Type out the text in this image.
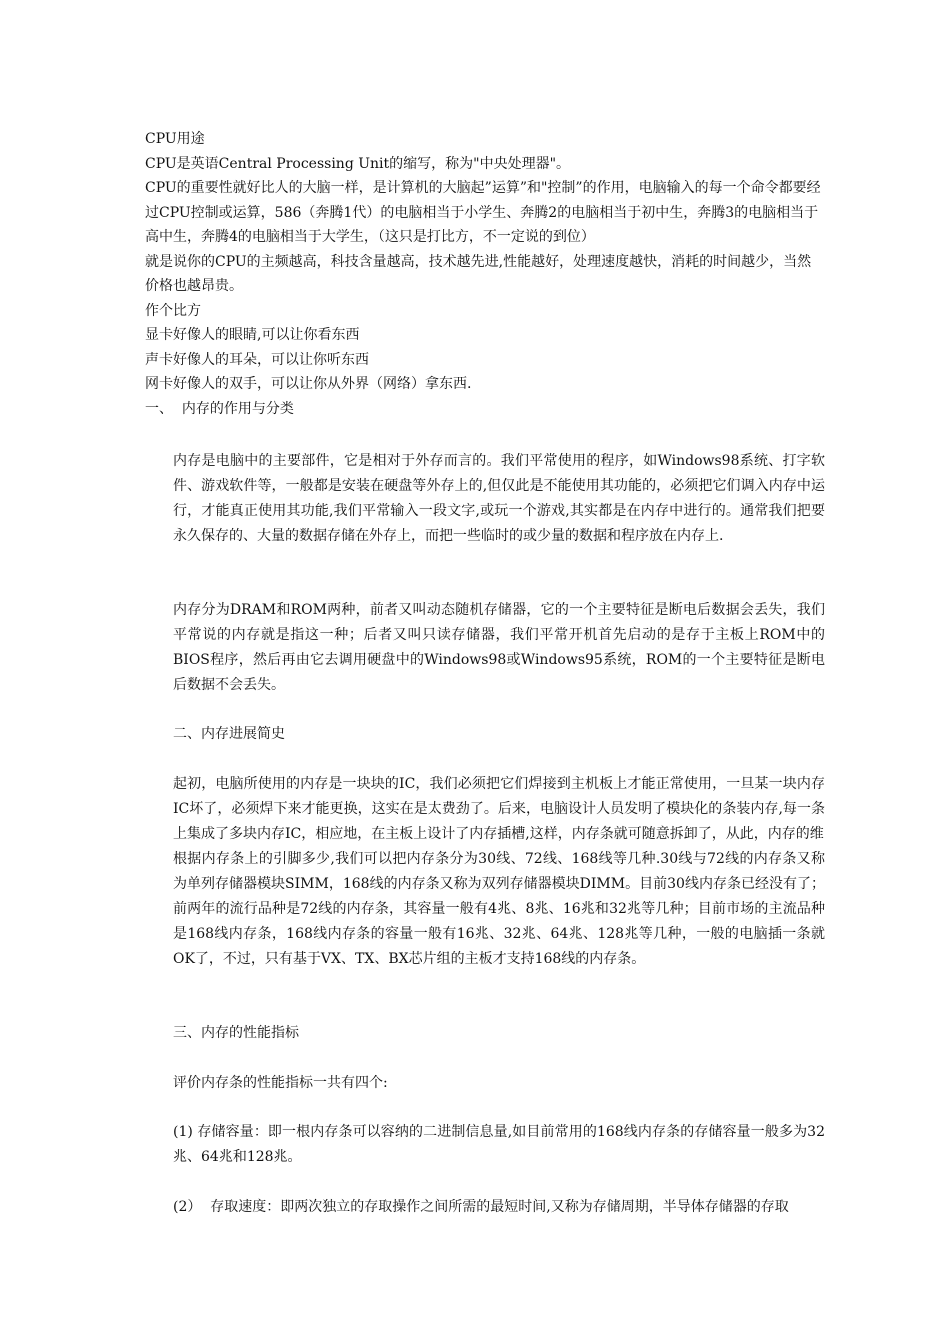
CPU用途

CPU是英语Central Processing Unit的缩写，称为"中央处理器"。

CPU的重要性就好比人的大脑一样，是计算机的大脑起”运算”和"控制”的作用，电脑输入的每一个命令都要经过CPU控制或运算，586（奔腾1代）的电脑相当于小学生、奔腾2的电脑相当于初中生，奔腾3的电脑相当于高中生，奔腾4的电脑相当于大学生，（这只是打比方，不一定说的到位）

就是说你的CPU的主频越高，科技含量越高，技术越先进,性能越好，处理速度越快，消耗的时间越少，当然价格也越昂贵。

作个比方

显卡好像人的眼睛,可以让你看东西

声卡好像人的耳朵，可以让你听东西

网卡好像人的双手，可以让你从外界（网络）拿东西.

一、  内存的作用与分类

内存是电脑中的主要部件，它是相对于外存而言的。我们平常使用的程序，如Windows98系统、打字软件、游戏软件等，一般都是安装在硬盘等外存上的,但仅此是不能使用其功能的，必须把它们调入内存中运行，才能真正使用其功能,我们平常输入一段文字,或玩一个游戏,其实都是在内存中进行的。通常我们把要永久保存的、大量的数据存储在外存上，而把一些临时的或少量的数据和程序放在内存上.

内存分为DRAM和ROM两种，前者又叫动态随机存储器，它的一个主要特征是断电后数据会丢失，我们平常说的内存就是指这一种；后者又叫只读存储器，我们平常开机首先启动的是存于主板上ROM中的BIOS程序，然后再由它去调用硬盘中的Windows98或Windows95系统，ROM的一个主要特征是断电后数据不会丢失。

二、内存进展简史

起初，电脑所使用的内存是一块块的IC，我们必须把它们焊接到主机板上才能正常使用，一旦某一块内存IC坏了，必须焊下来才能更换，这实在是太费劲了。后来，电脑设计人员发明了模块化的条装内存,每一条上集成了多块内存IC，相应地，在主板上设计了内存插槽,这样，内存条就可随意拆卸了，从此，内存的维

根据内存条上的引脚多少,我们可以把内存条分为30线、72线、168线等几种.30线与72线的内存条又称为单列存储器模块SIMM，168线的内存条又称为双列存储器模块DIMM。目前30线内存条已经没有了；前两年的流行品种是72线的内存条，其容量一般有4兆、8兆、16兆和32兆等几种；目前市场的主流品种是168线内存条，168线内存条的容量一般有16兆、32兆、64兆、128兆等几种，一般的电脑插一条就OK了，不过，只有基于VX、TX、BX芯片组的主板才支持168线的内存条。

三、内存的性能指标

评价内存条的性能指标一共有四个:

(1) 存储容量：即一根内存条可以容纳的二进制信息量,如目前常用的168线内存条的存储容量一般多为32兆、64兆和128兆。

(2）  存取速度：即两次独立的存取操作之间所需的最短时间,又称为存储周期，半导体存储器的存取
